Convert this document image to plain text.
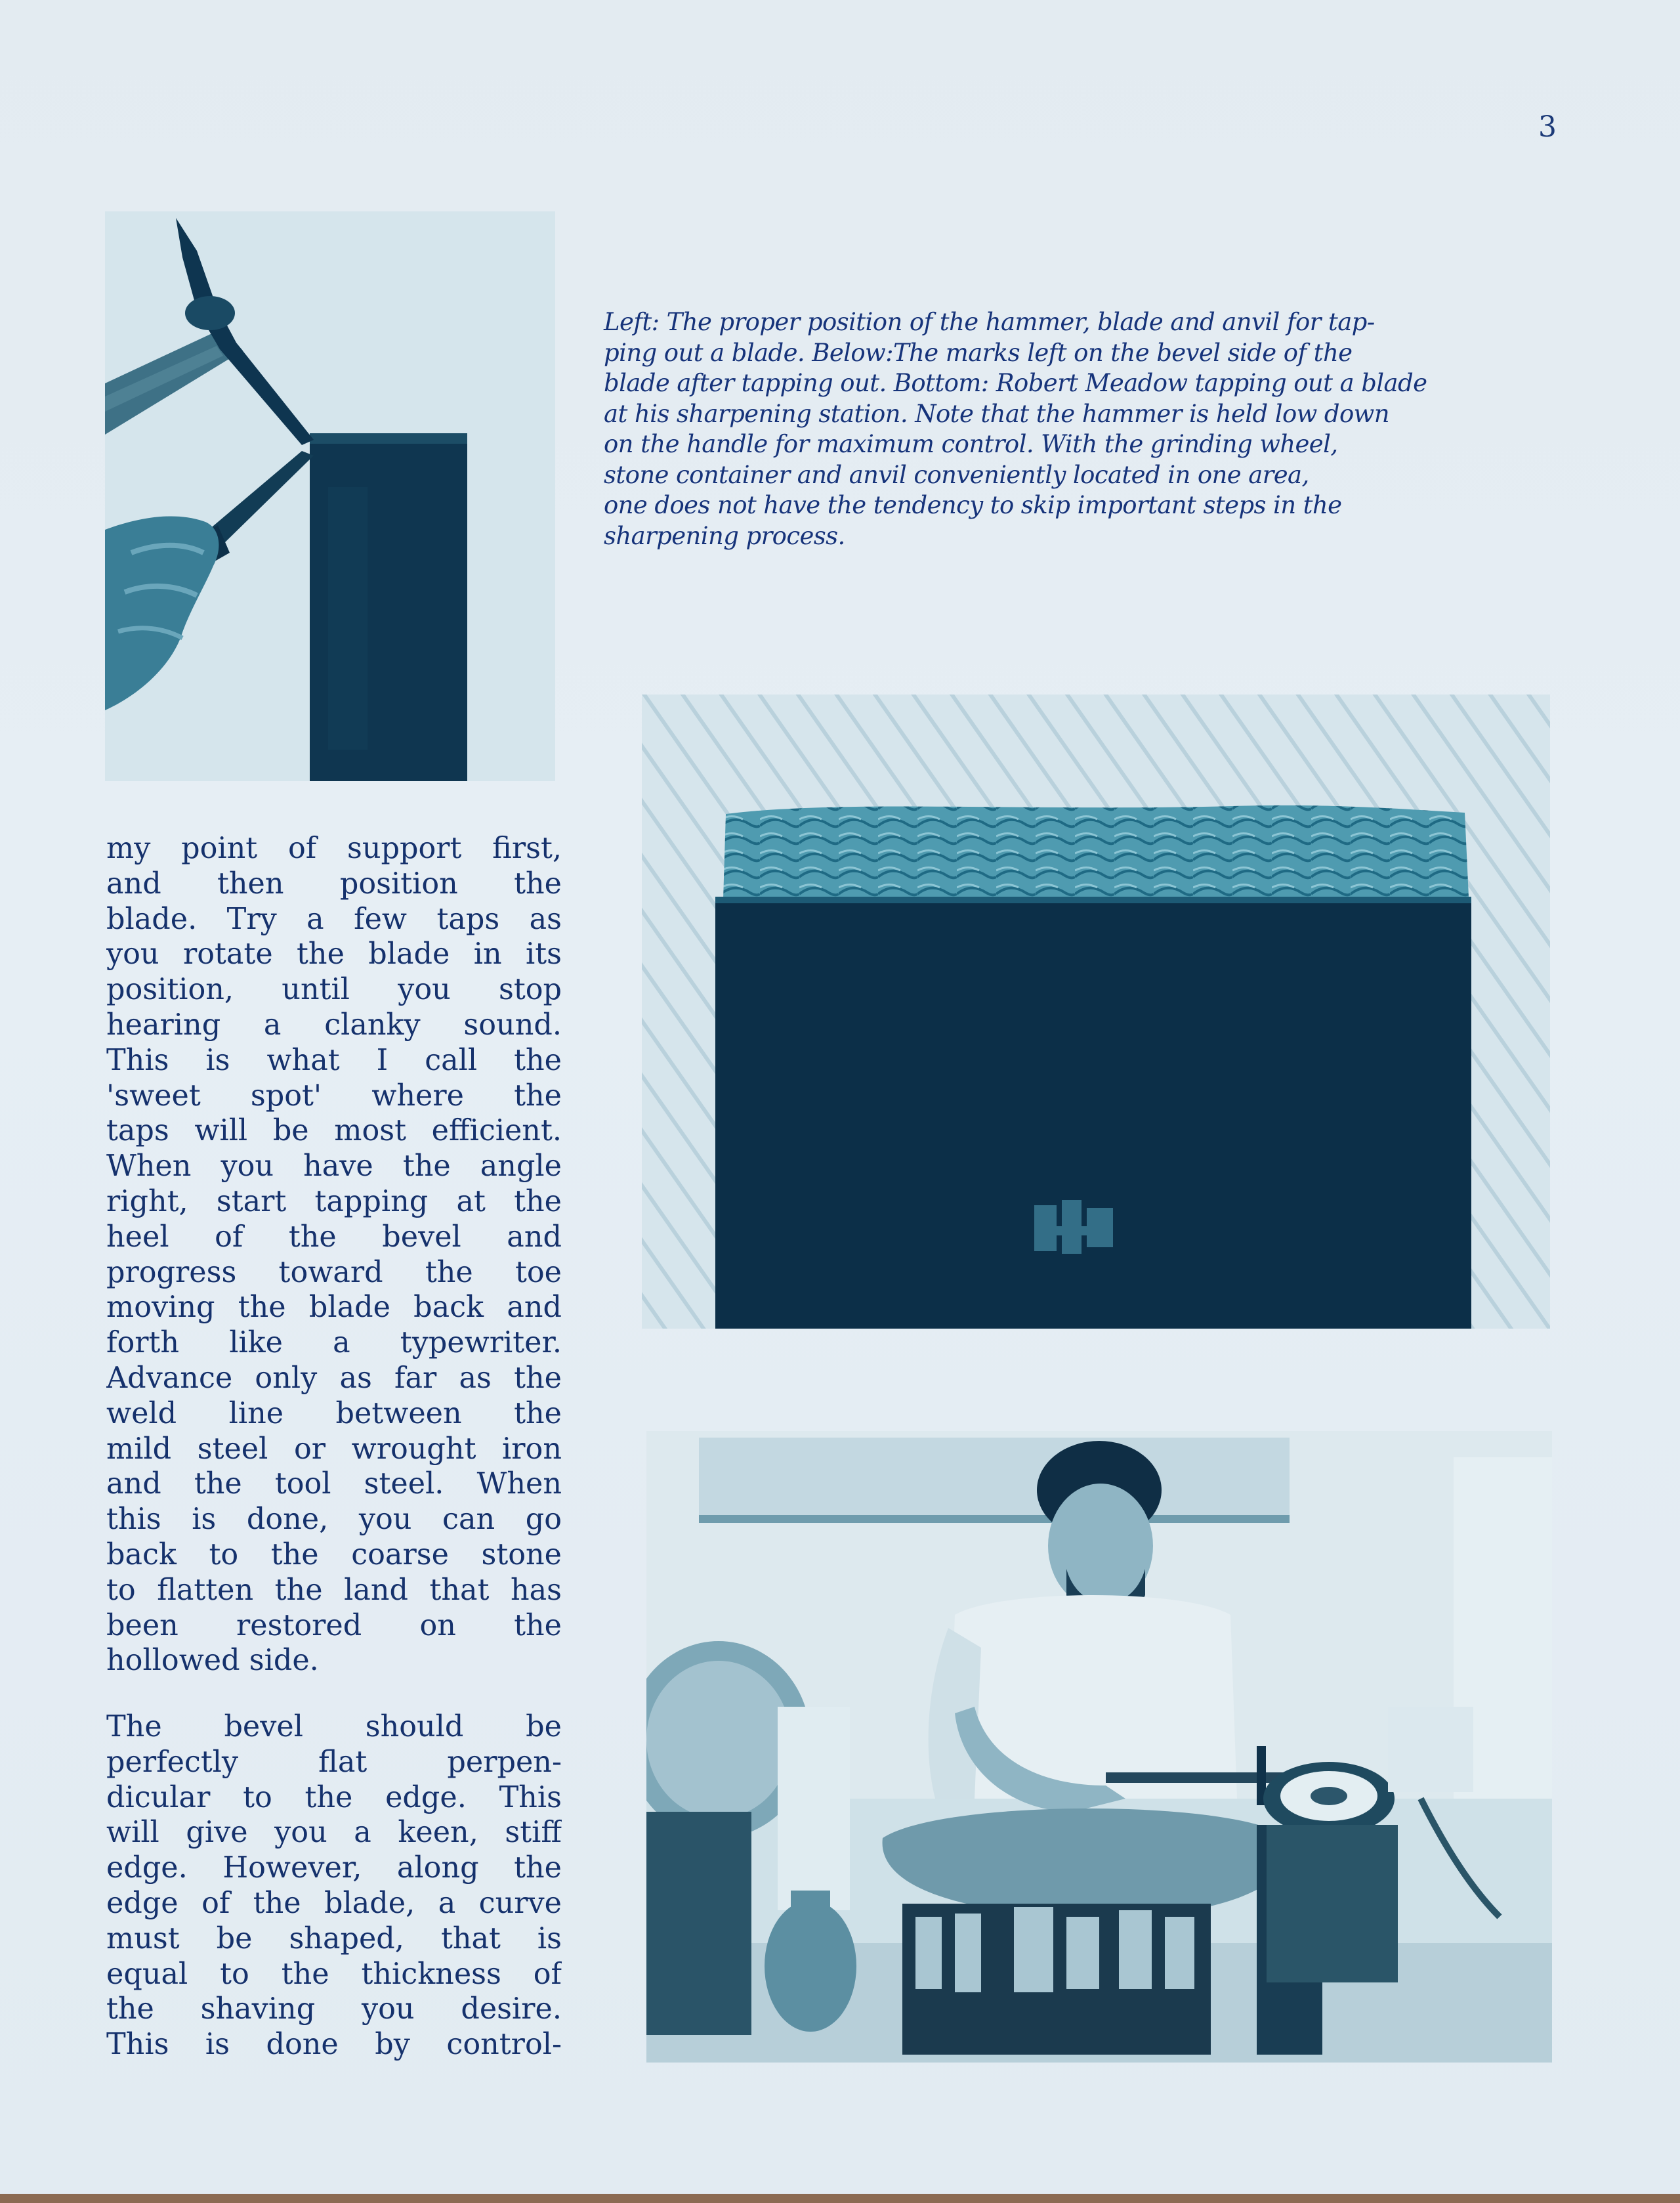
3
Left: The proper position of the hammer, blade and anvil for tap-
ping out a blade. Below:The marks left on the bevel side of the
blade after tapping out. Bottom: Robert Meadow tapping out a blade
at his sharpening station. Note that the hammer is held low down
on the handle for maximum control. With the grinding wheel,
stone container and anvil conveniently located in one area,
one does not have the tendency to skip important steps in the
sharpening process.
my point of support first,
and then position the
blade. Try a few taps as
you rotate the blade in its
position, until you stop
hearing a clanky sound.
This is what I call the
'sweet spot' where the
taps will be most efficient.
When you have the angle
right, start tapping at the
heel of the bevel and
progress toward the toe
moving the blade back and
forth like a typewriter.
Advance only as far as the
weld line between the
mild steel or wrought iron
and the tool steel. When
this is done, you can go
back to the coarse stone
to flatten the land that has
been restored on the
hollowed side.
The bevel should be
perfectly flat perpen-
dicular to the edge. This
will give you a keen, stiff
edge. However, along the
edge of the blade, a curve
must be shaped, that is
equal to the thickness of
the shaving you desire.
This is done by control-
